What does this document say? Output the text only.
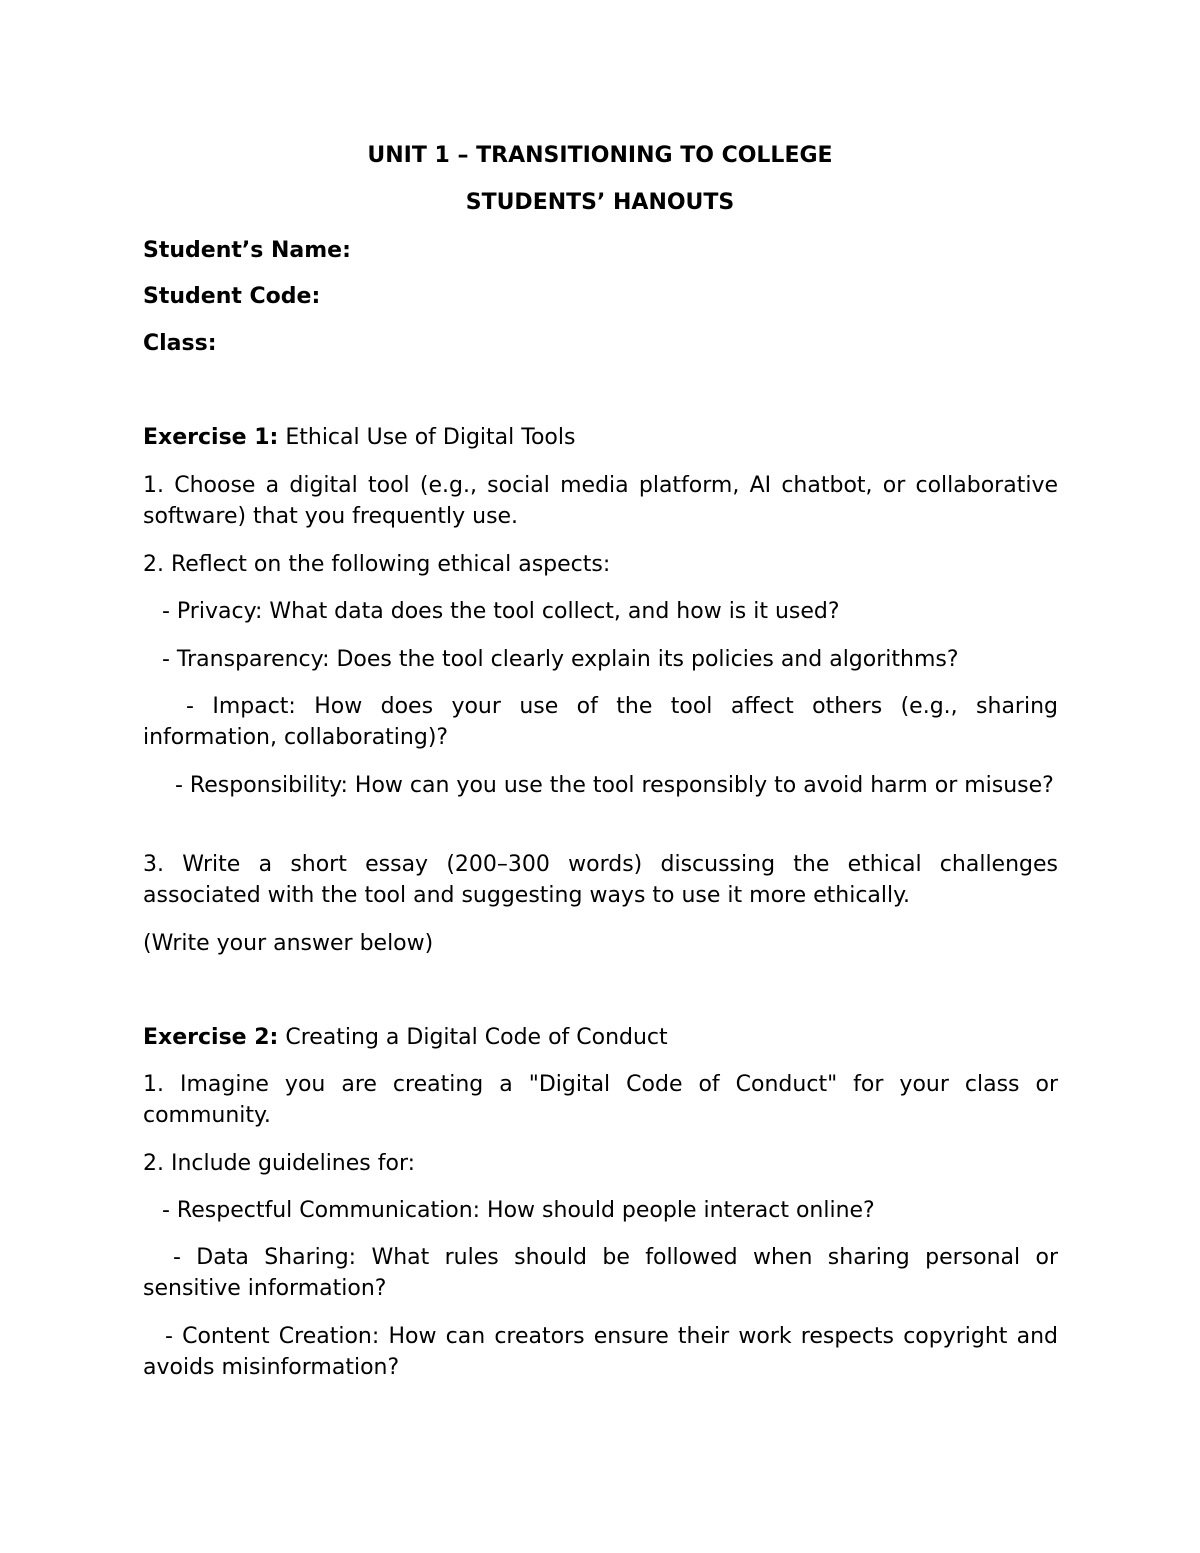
UNIT 1 – TRANSITIONING TO COLLEGE
STUDENTS’ HANOUTS
Student’s Name:
Student Code:
Class:
Exercise 1: Ethical Use of Digital Tools

1. Choose a digital tool (e.g., social media platform, AI chatbot, or collaborative software) that you frequently use.

2. Reflect on the following ethical aspects:
- Privacy: What data does the tool collect, and how is it used?
- Transparency: Does the tool clearly explain its policies and algorithms?

- Impact: How does your use of the tool affect others (e.g., sharing information, collaborating)?

- Responsibility: How can you use the tool responsibly to avoid harm or misuse?

3. Write a short essay (200–300 words) discussing the ethical challenges associated with the tool and suggesting ways to use it more ethically.

(Write your answer below)
Exercise 2: Creating a Digital Code of Conduct

1. Imagine you are creating a "Digital Code of Conduct" for your class or community.

2. Include guidelines for:
- Respectful Communication: How should people interact online?

- Data Sharing: What rules should be followed when sharing personal or sensitive information?

- Content Creation: How can creators ensure their work respects copyright and avoids misinformation?
